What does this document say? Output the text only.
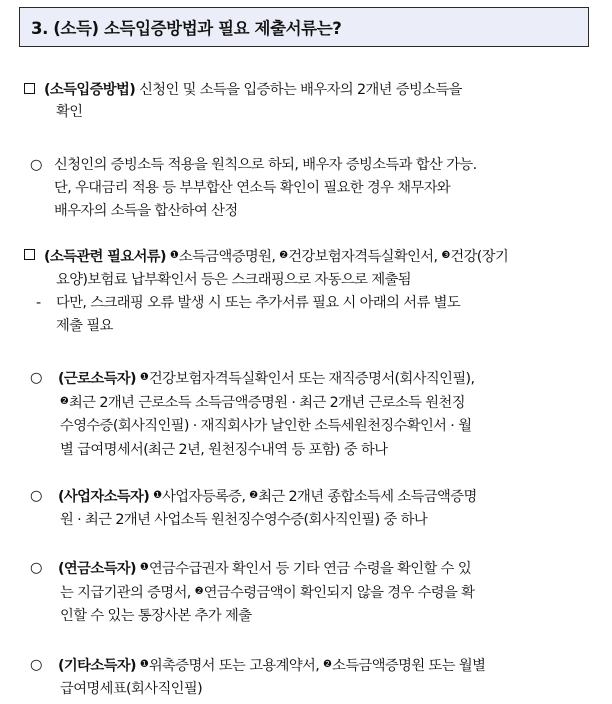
3. (소득) 소득입증방법과 필요 제출서류는?
(소득입증방법) 신청인 및 소득을 입증하는 배우자의 2개년 증빙소득을
확인
○ 신청인의 증빙소득 적용을 원칙으로 하되, 배우자 증빙소득과 합산 가능.
단, 우대금리 적용 등 부부합산 연소득 확인이 필요한 경우 채무자와
배우자의 소득을 합산하여 산정
(소득관련 필요서류) $^❶$소득금액증명원, $^❷$건강보험자격득실확인서, $^❸$건강(장기
요양)보험료 납부확인서 등은 스크래핑으로 자동으로 제출됨
- 다만, 스크래핑 오류 발생 시 또는 추가서류 필요 시 아래의 서류 별도
제출 필요
○ (근로소득자) $^❶$건강보험자격득실확인서 또는 재직증명서(회사직인필),
$^❷$최근 2개년 근로소득 소득금액증명원 · 최근 2개년 근로소득 원천징
수영수증(회사직인필) · 재직회사가 날인한 소득세원천징수확인서 · 월
별 급여명세서(최근 2년, 원천징수내역 등 포함) 중 하나
○ (사업자소득자) $^❶$사업자등록증, $^❷$최근 2개년 종합소득세 소득금액증명
원 · 최근 2개년 사업소득 원천징수영수증(회사직인필) 중 하나
○ (연금소득자) $^❶$연금수급권자 확인서 등 기타 연금 수령을 확인할 수 있
는 지급기관의 증명서, $^❷$연금수령금액이 확인되지 않을 경우 수령을 확
인할 수 있는 통장사본 추가 제출
○ (기타소득자) $^❶$위촉증명서 또는 고용계약서, $^❷$소득금액증명원 또는 월별
급여명세표(회사직인필)
